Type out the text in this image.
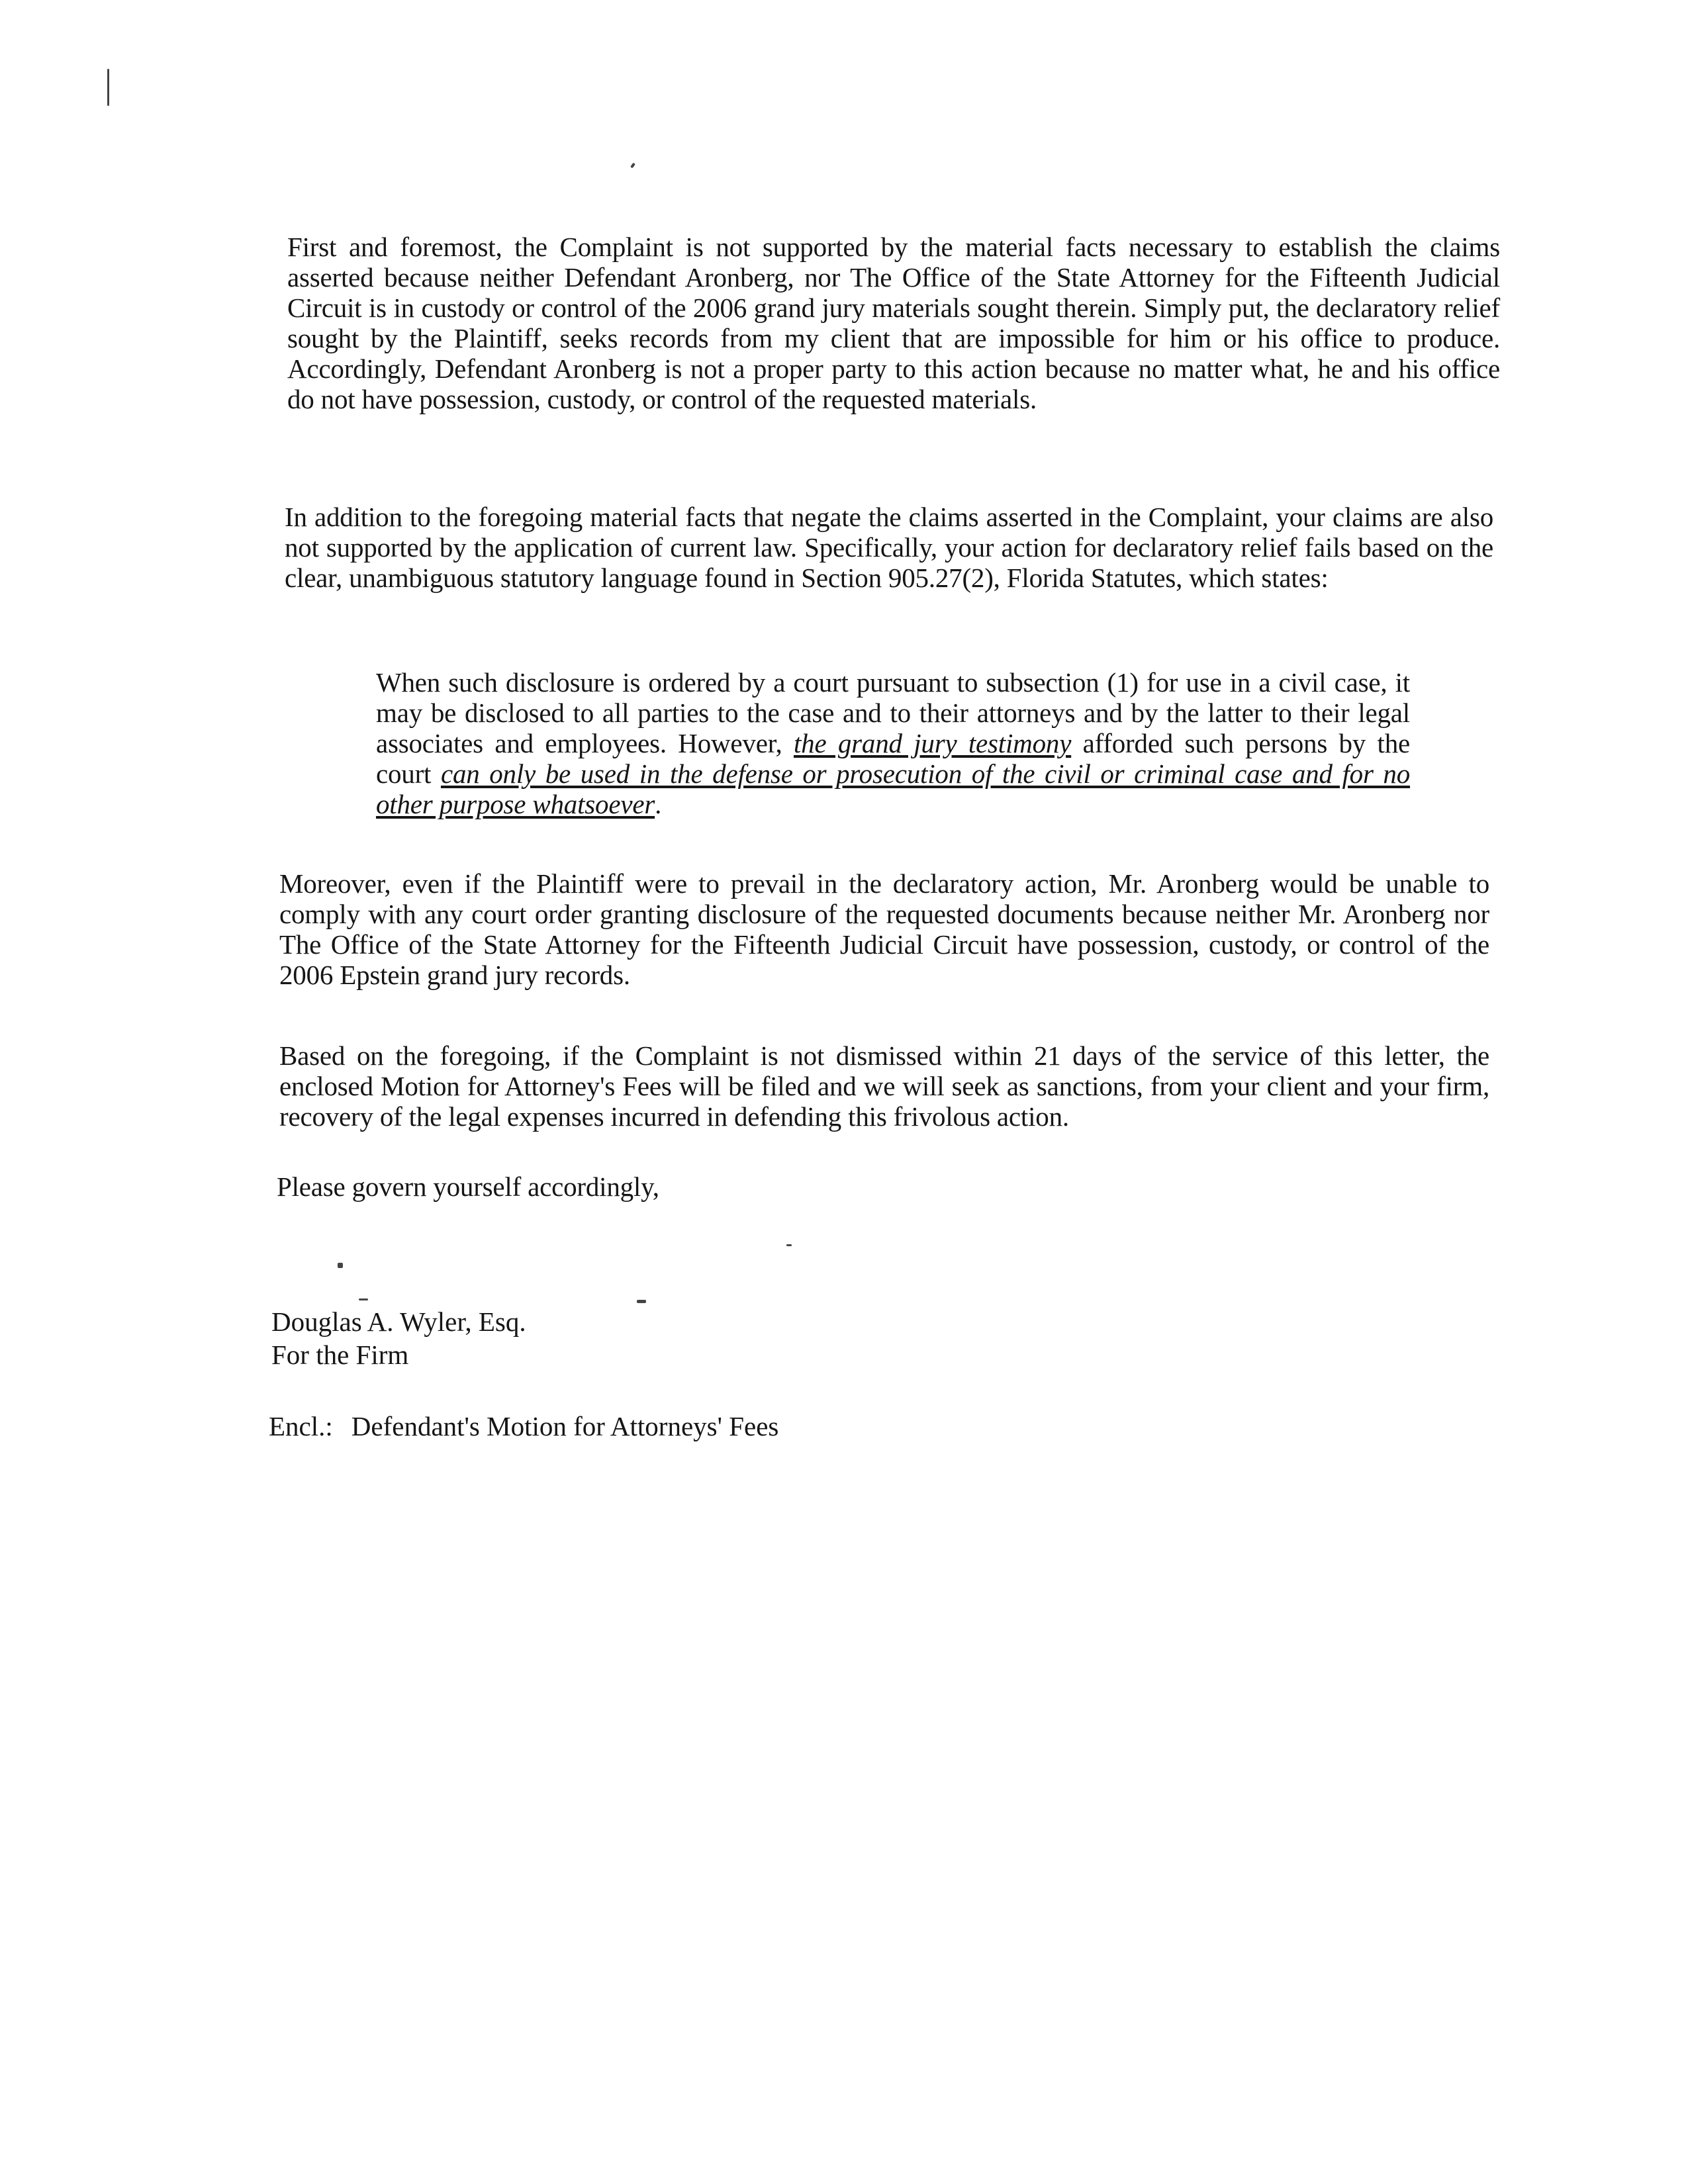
First and foremost, the Complaint is not supported by the material facts necessary to establish the claims asserted because neither Defendant Aronberg, nor The Office of the State Attorney for the Fifteenth Judicial Circuit is in custody or control of the 2006 grand jury materials sought therein. Simply put, the declaratory relief sought by the Plaintiff, seeks records from my client that are impossible for him or his office to produce. Accordingly, Defendant Aronberg is not a proper party to this action because no matter what, he and his office do not have possession, custody, or control of the requested materials.

In addition to the foregoing material facts that negate the claims asserted in the Complaint, your claims are also not supported by the application of current law. Specifically, your action for declaratory relief fails based on the clear, unambiguous statutory language found in Section 905.27(2), Florida Statutes, which states:

When such disclosure is ordered by a court pursuant to subsection (1) for use in a civil case, it may be disclosed to all parties to the case and to their attorneys and by the latter to their legal associates and employees. However, the grand jury testimony afforded such persons by the court can only be used in the defense or prosecution of the civil or criminal case and for no other purpose whatsoever.

Moreover, even if the Plaintiff were to prevail in the declaratory action, Mr. Aronberg would be unable to comply with any court order granting disclosure of the requested documents because neither Mr. Aronberg nor The Office of the State Attorney for the Fifteenth Judicial Circuit have possession, custody, or control of the 2006 Epstein grand jury records.

Based on the foregoing, if the Complaint is not dismissed within 21 days of the service of this letter, the enclosed Motion for Attorney's Fees will be filed and we will seek as sanctions, from your client and your firm, recovery of the legal expenses incurred in defending this frivolous action.

Please govern yourself accordingly,

Douglas A. Wyler, Esq.
For the Firm
Encl.: Defendant's Motion for Attorneys' Fees
